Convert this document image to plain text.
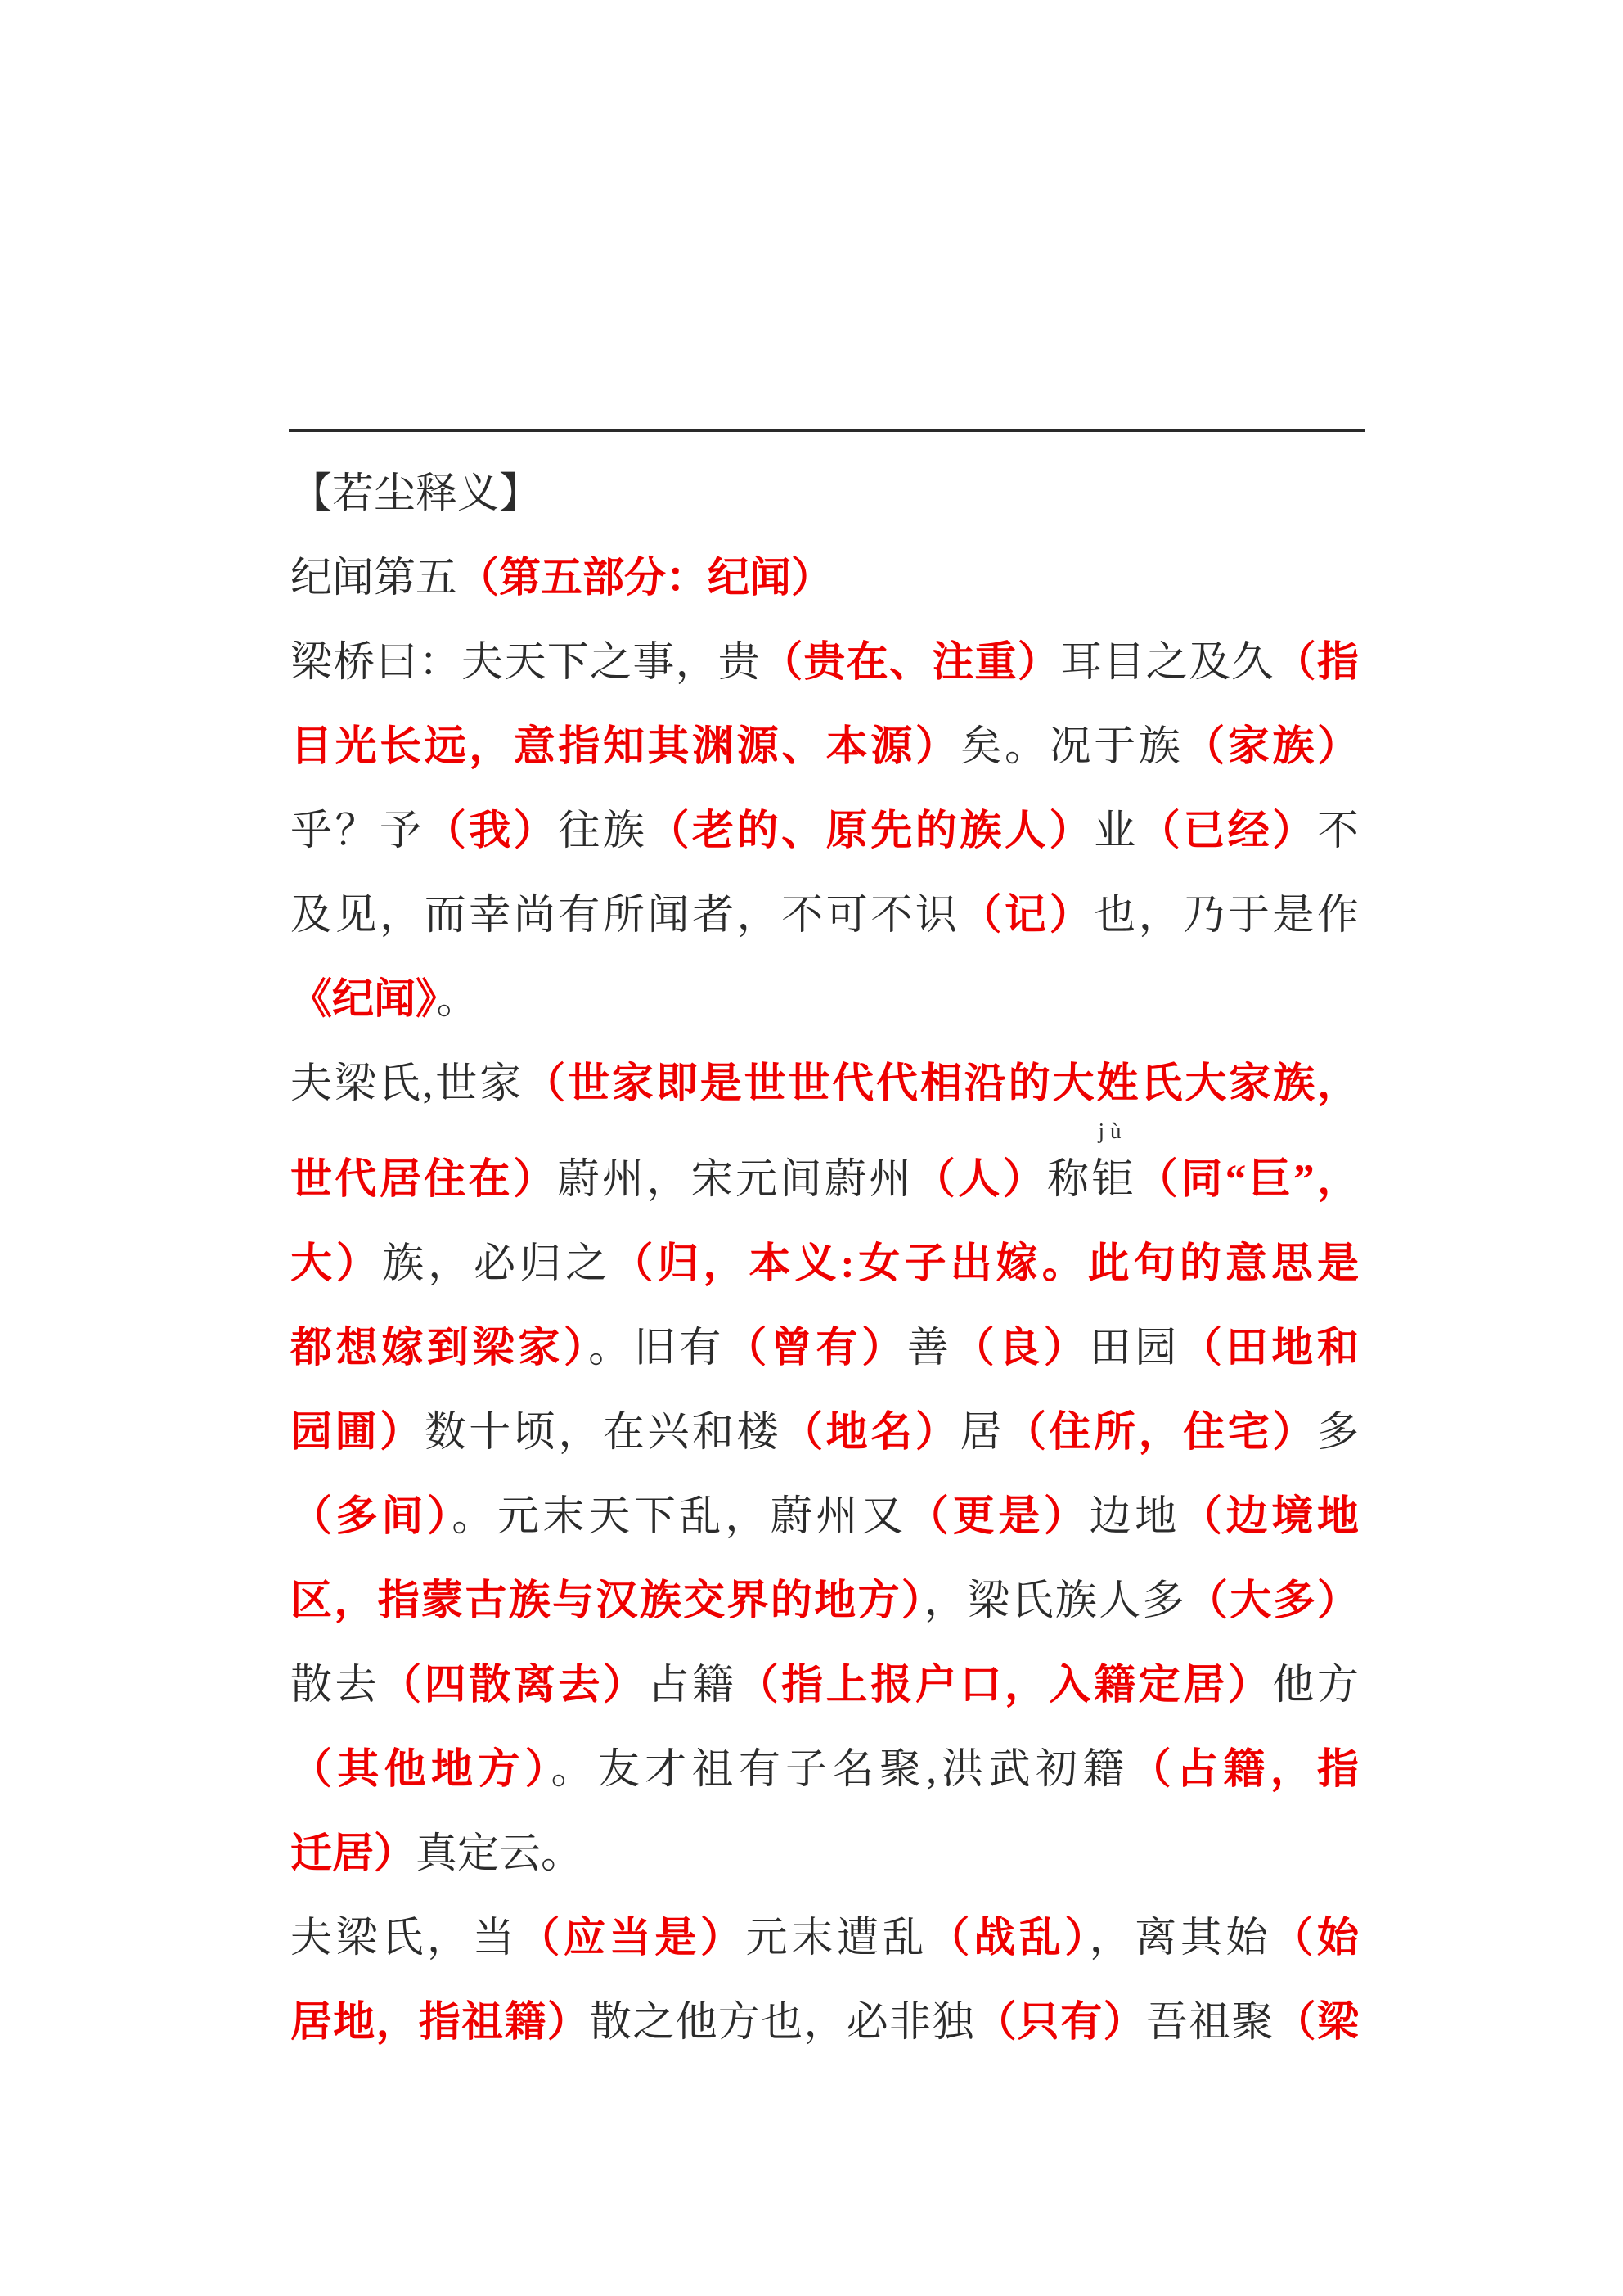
【若尘释义】
纪闻第五（第五部分：纪闻）
梁桥曰：夫天下之事，贵（贵在、注重）耳目之及久（指
目光长远，意指知其渊源、本源）矣。况于族（家族）
乎？予（我）往族（老的、原先的族人）业（已经）不
及见，而幸尚有所闻者，不可不识（记）也，乃于是作
《纪闻》。
夫梁氏,世家（世家即是世世代代相沿的大姓氏大家族，
世代居住在）蔚州，宋元间蔚州（人）称钜
jù
（同“巨”，
大）族，必归之（归，本义:女子出嫁。此句的意思是
都想嫁到梁家）。旧有（曾有）善（良）田园（田地和
园圃）数十顷，在兴和楼（地名）居（住所，住宅）多
（多间）。元末天下乱，蔚州又（更是）边地（边境地
区，指蒙古族与汉族交界的地方），梁氏族人多（大多）
散去（四散离去）占籍（指上报户口，入籍定居）他方
（其他地方）。友才祖有子名聚,洪武初籍（占籍，指
迁居）真定云。
夫梁氏，当（应当是）元末遭乱（战乱），离其始（始
居地，指祖籍）散之他方也，必非独（只有）吾祖聚（梁
